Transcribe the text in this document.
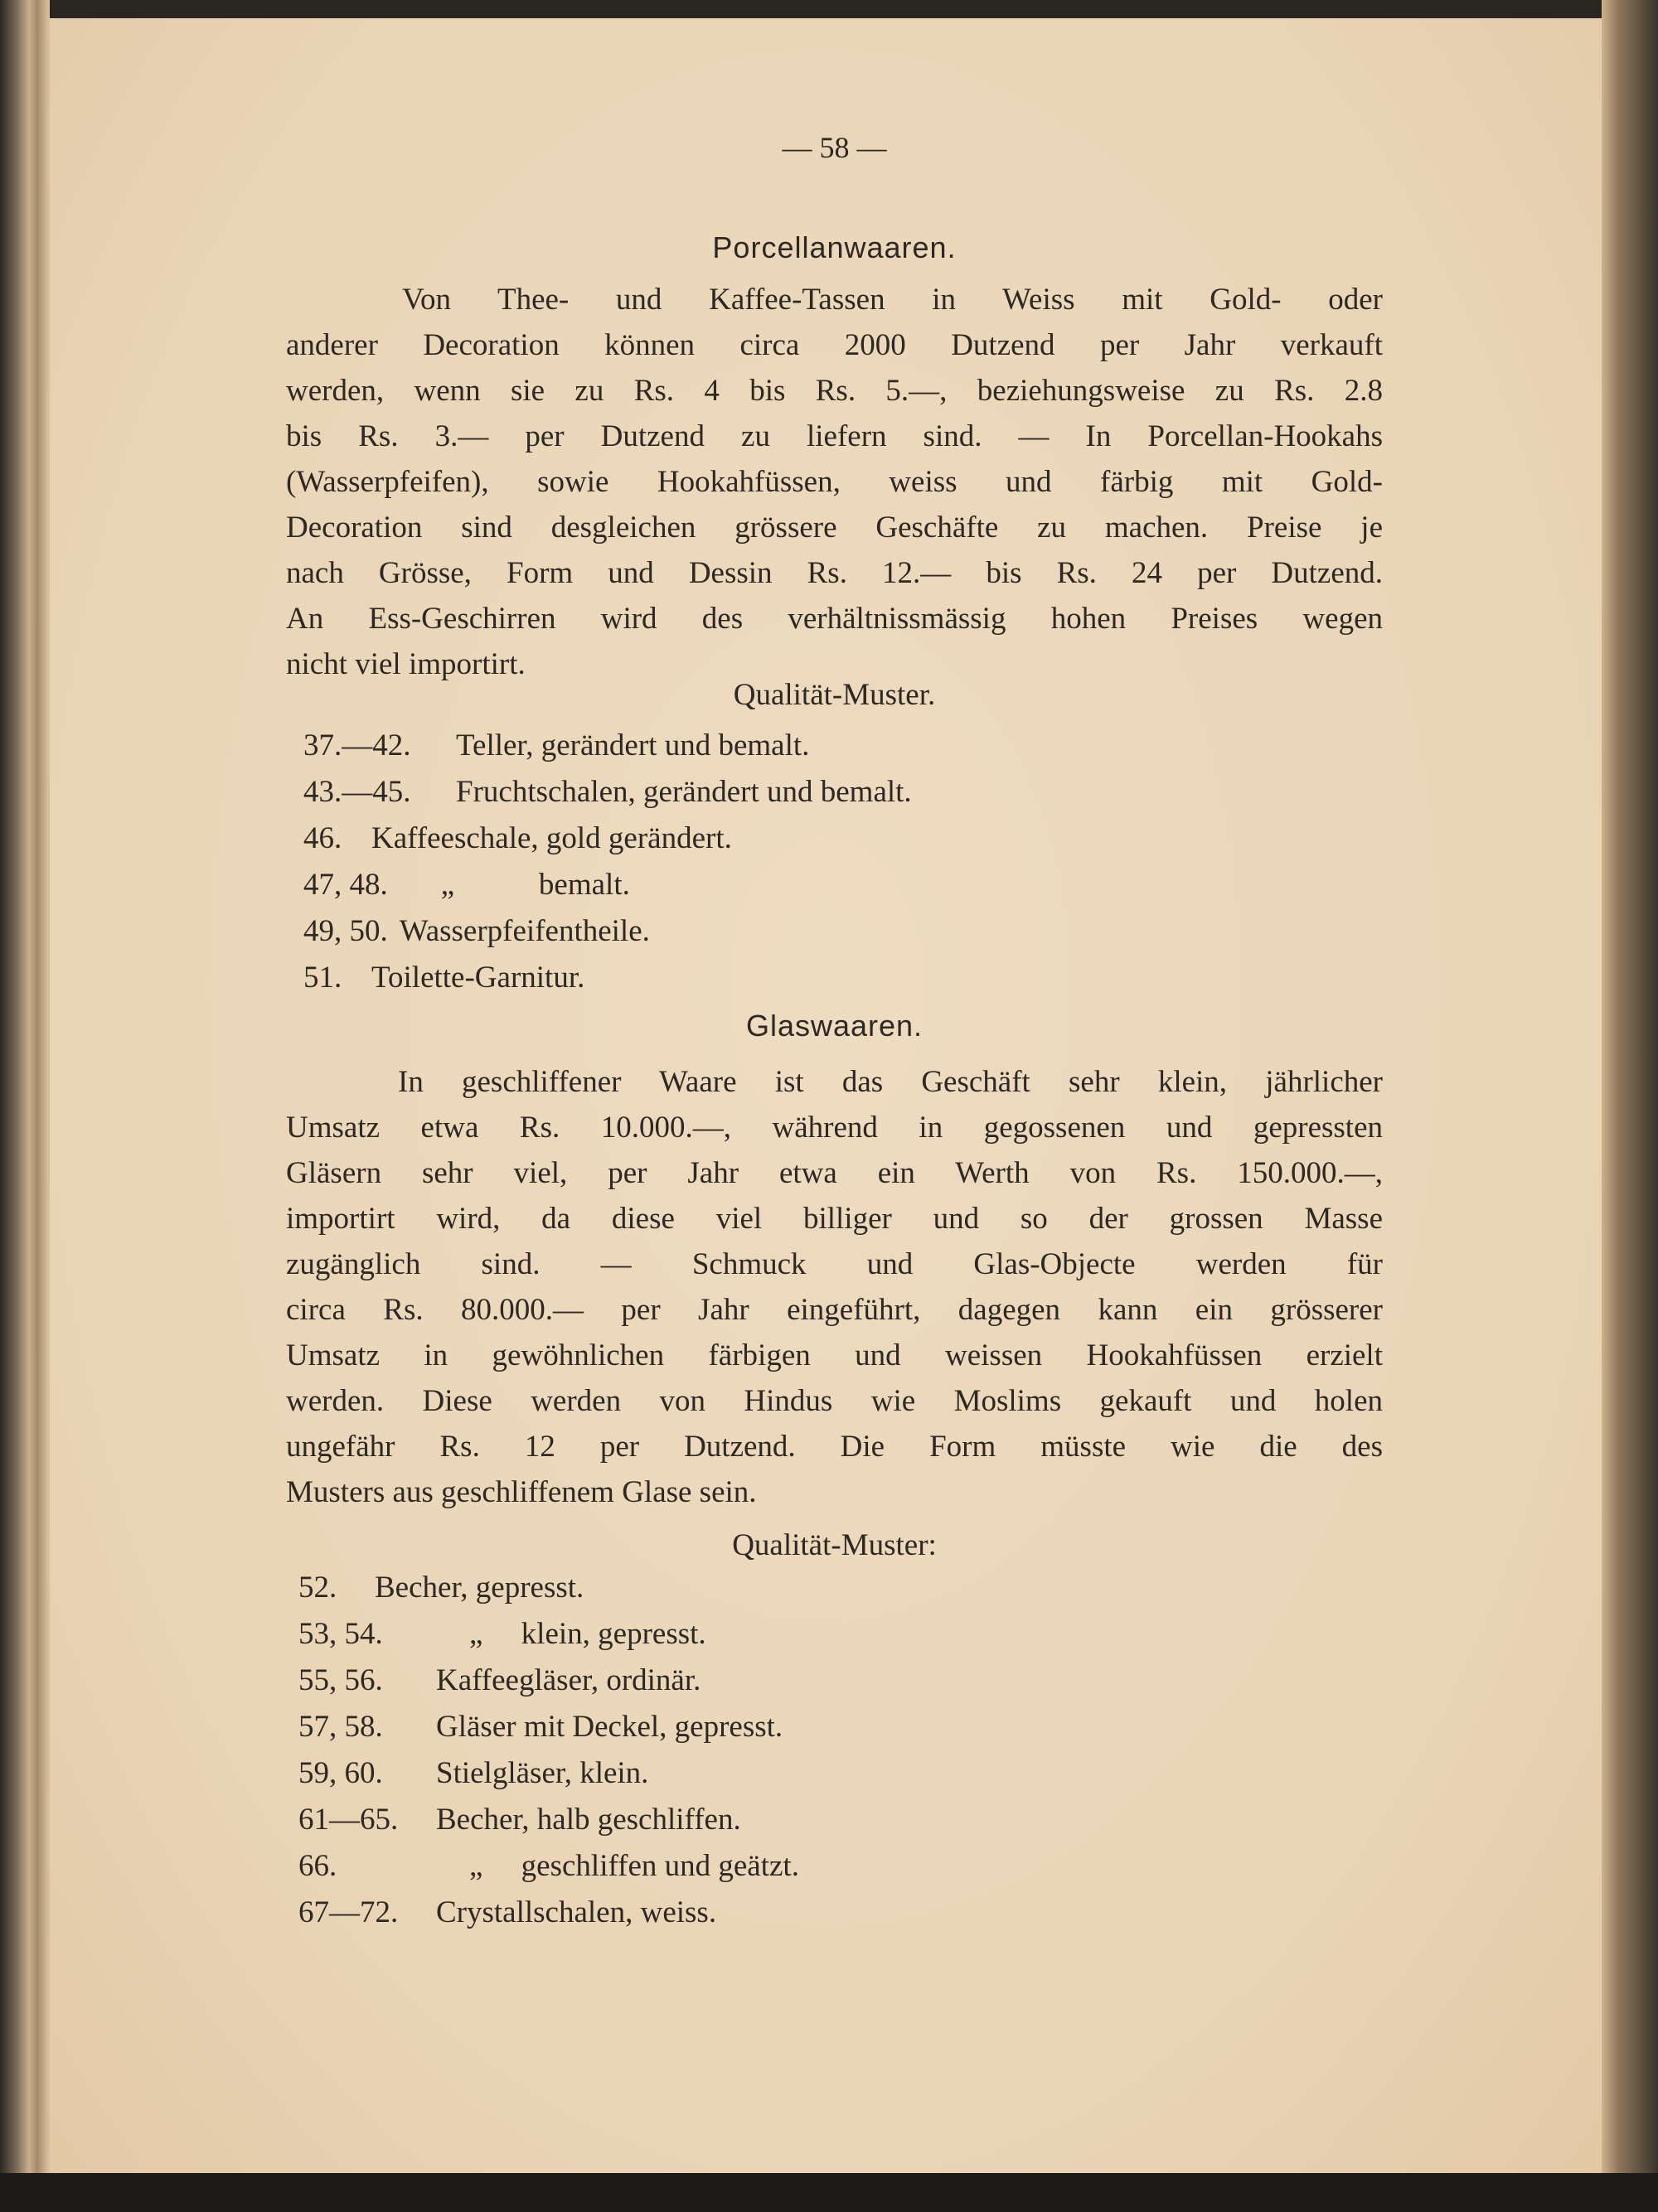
— 58 —
Porcellanwaaren.
Von Thee- und Kaffee-Tassen in Weiss mit Gold- oder
anderer Decoration können circa 2000 Dutzend per Jahr verkauft
werden, wenn sie zu Rs. 4 bis Rs. 5.—, beziehungsweise zu Rs. 2.8
bis Rs. 3.— per Dutzend zu liefern sind. — In Porcellan-Hookahs
(Wasserpfeifen), sowie Hookahfüssen, weiss und färbig mit Gold-
Decoration sind desgleichen grössere Geschäfte zu machen. Preise je
nach Grösse, Form und Dessin Rs. 12.— bis Rs. 24 per Dutzend.
An Ess-Geschirren wird des verhältnissmässig hohen Preises wegen
nicht viel importirt.
Qualität-Muster.
37.—42. Teller, gerändert und bemalt.
43.—45. Fruchtschalen, gerändert und bemalt.
46. Kaffeeschale, gold gerändert.
47, 48. „           bemalt.
49, 50. Wasserpfeifentheile.
51. Toilette-Garnitur.
Glaswaaren.
In geschliffener Waare ist das Geschäft sehr klein, jährlicher
Umsatz etwa Rs. 10.000.—, während in gegossenen und gepressten
Gläsern sehr viel, per Jahr etwa ein Werth von Rs. 150.000.—,
importirt wird, da diese viel billiger und so der grossen Masse
zugänglich sind. — Schmuck und Glas-Objecte werden für
circa Rs. 80.000.— per Jahr eingeführt, dagegen kann ein grösserer
Umsatz in gewöhnlichen färbigen und weissen Hookahfüssen erzielt
werden. Diese werden von Hindus wie Moslims gekauft und holen
ungefähr Rs. 12 per Dutzend. Die Form müsste wie die des
Musters aus geschliffenem Glase sein.
Qualität-Muster:
52. Becher, gepresst.
53, 54.	„     klein, gepresst.
55, 56. Kaffeegläser, ordinär.
57, 58. Gläser mit Deckel, gepresst.
59, 60. Stielgläser, klein.
61—65. Becher, halb geschliffen.
66.	„     geschliffen und geätzt.
67—72. Crystallschalen, weiss.
